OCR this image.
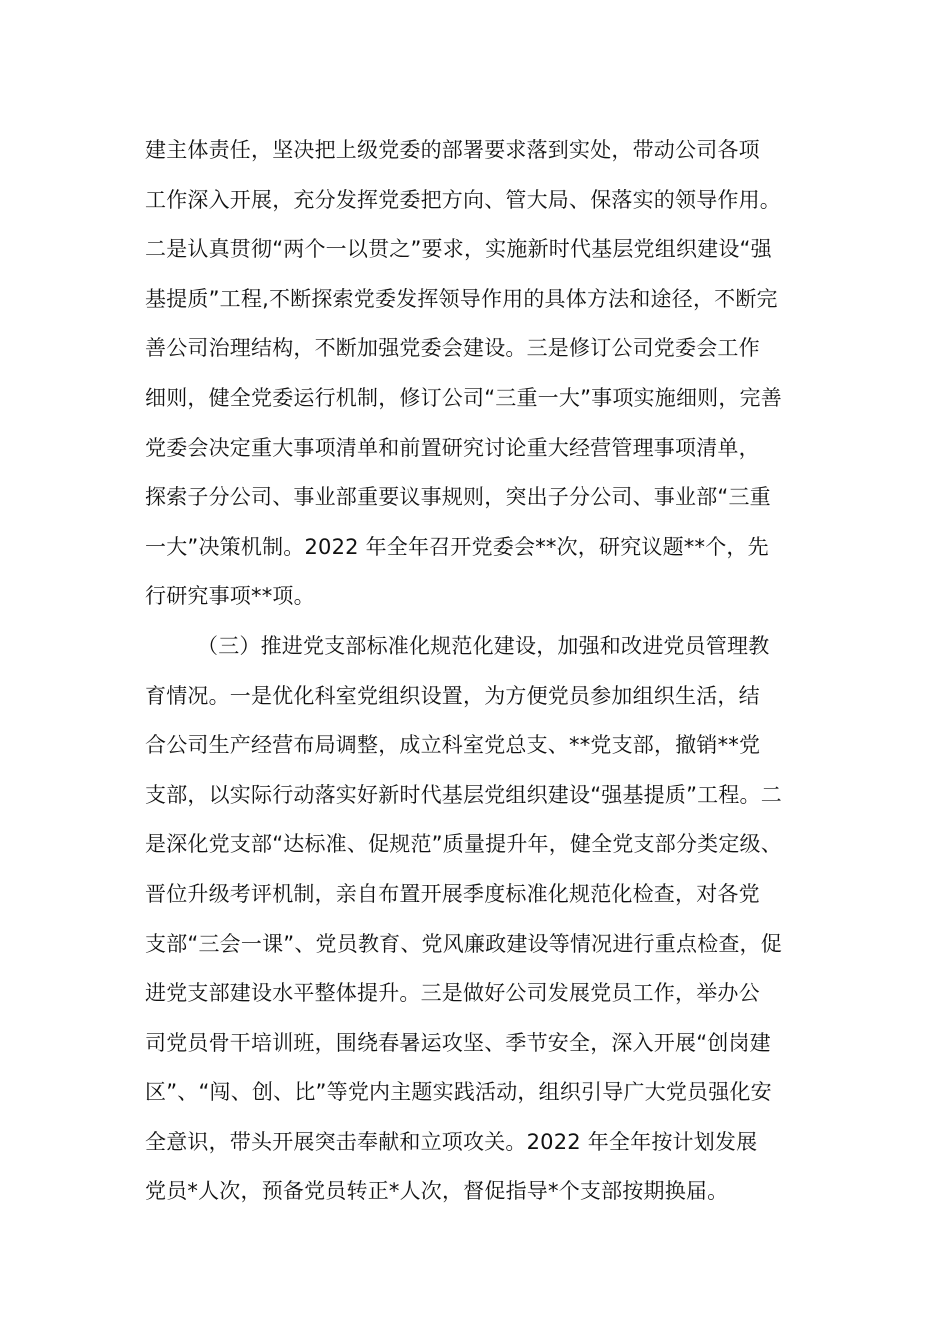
建主体责任，坚决把上级党委的部署要求落到实处，带动公司各项
工作深入开展，充分发挥党委把方向、管大局、保落实的领导作用。
二是认真贯彻“两个一以贯之”要求，实施新时代基层党组织建设“强
基提质”工程,不断探索党委发挥领导作用的具体方法和途径，不断完
善公司治理结构，不断加强党委会建设。三是修订公司党委会工作
细则，健全党委运行机制，修订公司“三重一大”事项实施细则，完善
党委会决定重大事项清单和前置研究讨论重大经营管理事项清单，
探索子分公司、事业部重要议事规则，突出子分公司、事业部“三重
一大”决策机制。2022 年全年召开党委会**次，研究议题**个，先
行研究事项**项。
（三）推进党支部标准化规范化建设，加强和改进党员管理教
育情况。一是优化科室党组织设置，为方便党员参加组织生活，结
合公司生产经营布局调整，成立科室党总支、**党支部，撤销**党
支部，以实际行动落实好新时代基层党组织建设“强基提质”工程。二
是深化党支部“达标准、促规范”质量提升年，健全党支部分类定级、
晋位升级考评机制，亲自布置开展季度标准化规范化检查，对各党
支部“三会一课”、党员教育、党风廉政建设等情况进行重点检查，促
进党支部建设水平整体提升。三是做好公司发展党员工作，举办公
司党员骨干培训班，围绕春暑运攻坚、季节安全，深入开展“创岗建
区”、“闯、创、比”等党内主题实践活动，组织引导广大党员强化安
全意识，带头开展突击奉献和立项攻关。2022 年全年按计划发展
党员*人次，预备党员转正*人次，督促指导*个支部按期换届。
